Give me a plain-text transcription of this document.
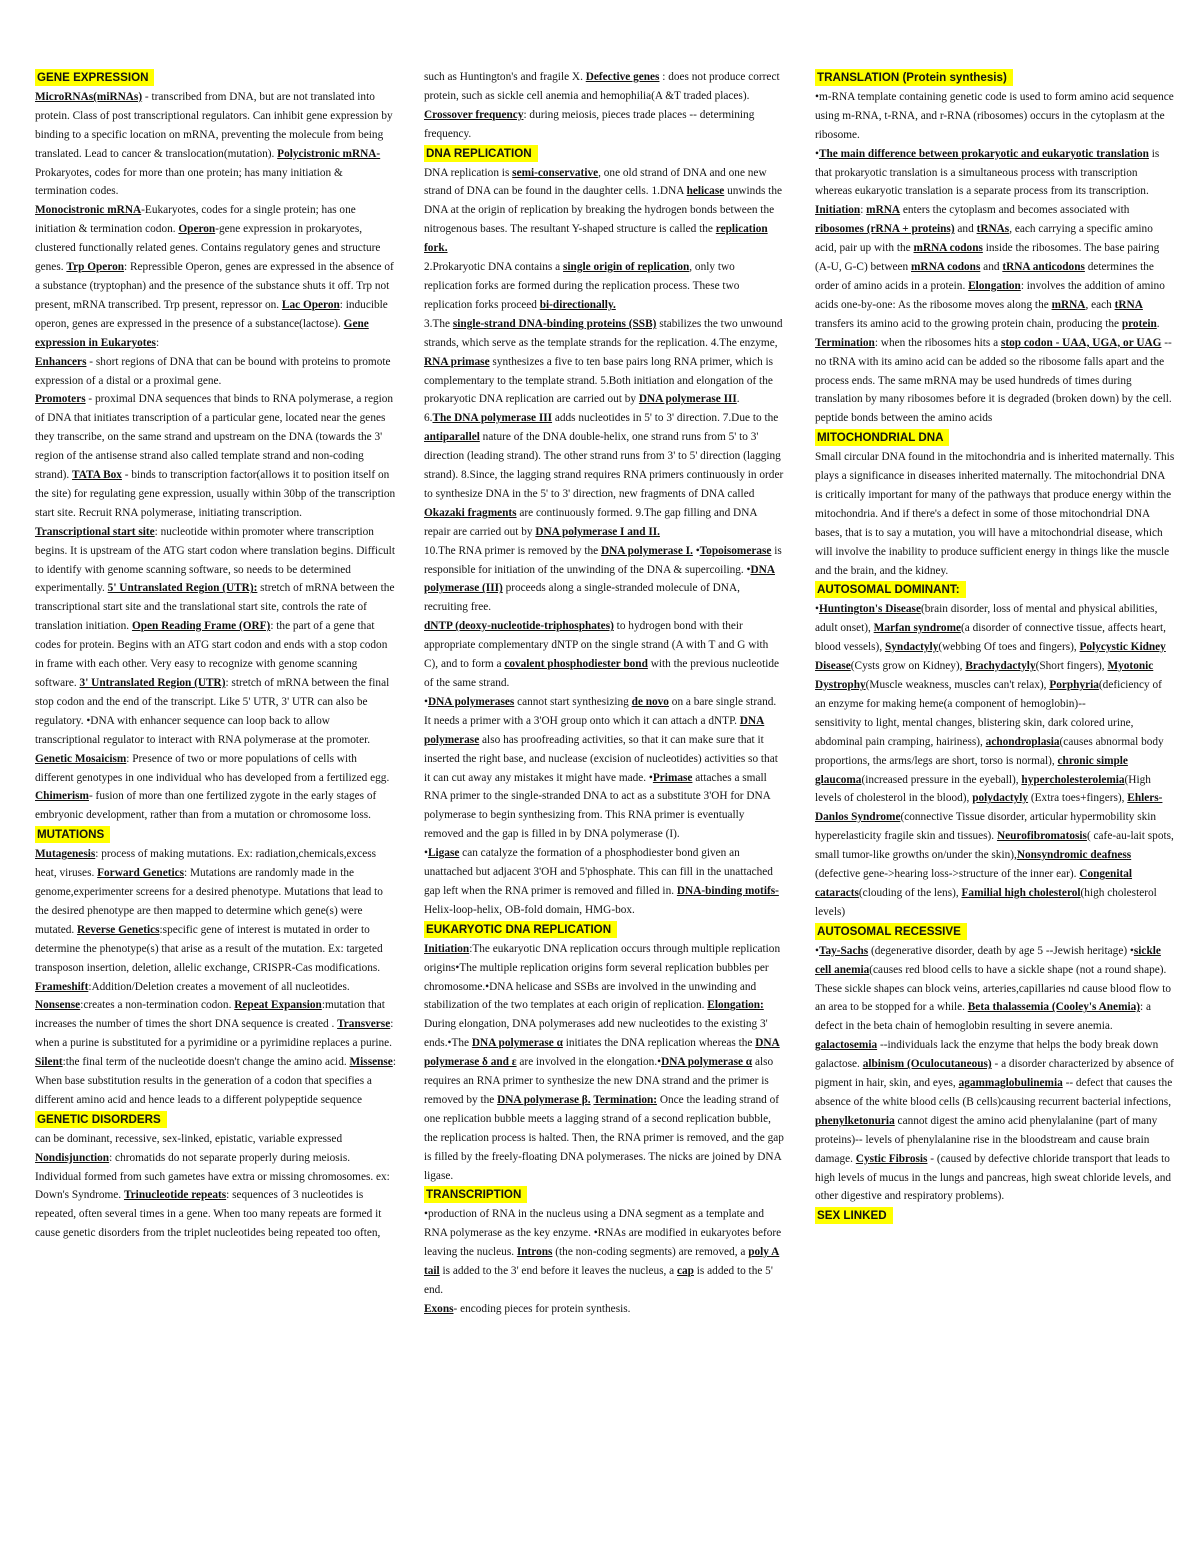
GENE EXPRESSION
MicroRNAs(miRNAs) - transcribed from DNA, but are not translated into protein. Class of post transcriptional regulators. Can inhibit gene expression by binding to a specific location on mRNA, preventing the molecule from being translated. Lead to cancer & translocation(mutation). Polycistronic mRNA- Prokaryotes, codes for more than one protein; has many initiation & termination codes.
Monocistronic mRNA-Eukaryotes, codes for a single protein; has one initiation & termination codon. Operon-gene expression in prokaryotes, clustered functionally related genes. Contains regulatory genes and structure genes. Trp Operon: Repressible Operon, genes are expressed in the absence of a substance (tryptophan) and the presence of the substance shuts it off. Trp not present, mRNA transcribed. Trp present, repressor on. Lac Operon: inducible operon, genes are expressed in the presence of a substance(lactose). Gene expression in Eukaryotes:
Enhancers - short regions of DNA that can be bound with proteins to promote expression of a distal or a proximal gene.
Promoters - proximal DNA sequences that binds to RNA polymerase, a region of DNA that initiates transcription of a particular gene, located near the genes they transcribe, on the same strand and upstream on the DNA (towards the 3' region of the antisense strand also called template strand and non-coding strand). TATA Box - binds to transcription factor(allows it to position itself on the site) for regulating gene expression, usually within 30bp of the transcription start site. Recruit RNA polymerase, initiating transcription.
Transcriptional start site: nucleotide within promoter where transcription begins. It is upstream of the ATG start codon where translation begins. Difficult to identify with genome scanning software, so needs to be determined experimentally. 5' Untranslated Region (UTR): stretch of mRNA between the transcriptional start site and the translational start site, controls the rate of translation initiation. Open Reading Frame (ORF): the part of a gene that codes for protein. Begins with an ATG start codon and ends with a stop codon in frame with each other. Very easy to recognize with genome scanning software. 3' Untranslated Region (UTR): stretch of mRNA between the final stop codon and the end of the transcript. Like 5' UTR, 3' UTR can also be regulatory. •DNA with enhancer sequence can loop back to allow transcriptional regulator to interact with RNA polymerase at the promoter. Genetic Mosaicism: Presence of two or more populations of cells with different genotypes in one individual who has developed from a fertilized egg. Chimerism- fusion of more than one fertilized zygote in the early stages of embryonic development, rather than from a mutation or chromosome loss.
MUTATIONS
Mutagenesis: process of making mutations. Ex: radiation,chemicals,excess heat, viruses. Forward Genetics: Mutations are randomly made in the genome,experimenter screens for a desired phenotype. Mutations that lead to the desired phenotype are then mapped to determine which gene(s) were mutated. Reverse Genetics:specific gene of interest is mutated in order to determine the phenotype(s) that arise as a result of the mutation. Ex: targeted transposon insertion, deletion, allelic exchange, CRISPR-Cas modifications.
Frameshift:Addition/Deletion creates a movement of all nucleotides. Nonsense:creates a non-termination codon. Repeat Expansion:mutation that increases the number of times the short DNA sequence is created . Transverse: when a purine is substituted for a pyrimidine or a pyrimidine replaces a purine. Silent:the final term of the nucleotide doesn't change the amino acid. Missense: When base substitution results in the generation of a codon that specifies a different amino acid and hence leads to a different polypeptide sequence
GENETIC DISORDERS
can be dominant, recessive, sex-linked, epistatic, variable expressed
Nondisjunction: chromatids do not separate properly during meiosis. Individual formed from such gametes have extra or missing chromosomes. ex: Down's Syndrome. Trinucleotide repeats: sequences of 3 nucleotides is repeated, often several times in a gene. When too many repeats are formed it cause genetic disorders from the triplet nucleotides being repeated too often,
such as Huntington's and fragile X. Defective genes : does not produce correct protein, such as sickle cell anemia and hemophilia(A &T traded places). Crossover frequency: during meiosis, pieces trade places -- determining frequency.
DNA REPLICATION
DNA replication is semi-conservative, one old strand of DNA and one new strand of DNA can be found in the daughter cells. 1.DNA helicase unwinds the DNA at the origin of replication by breaking the hydrogen bonds between the nitrogenous bases. The resultant Y-shaped structure is called the replication fork.
2.Prokaryotic DNA contains a single origin of replication, only two replication forks are formed during the replication process. These two replication forks proceed bi-directionally.
3.The single-strand DNA-binding proteins (SSB) stabilizes the two unwound strands, which serve as the template strands for the replication. 4.The enzyme, RNA primase synthesizes a five to ten base pairs long RNA primer, which is complementary to the template strand. 5.Both initiation and elongation of the prokaryotic DNA replication are carried out by DNA polymerase III.
6.The DNA polymerase III adds nucleotides in 5' to 3' direction. 7.Due to the antiparallel nature of the DNA double-helix, one strand runs from 5' to 3' direction (leading strand). The other strand runs from 3' to 5' direction (lagging strand). 8.Since, the lagging strand requires RNA primers continuously in order to synthesize DNA in the 5' to 3' direction, new fragments of DNA called Okazaki fragments are continuously formed. 9.The gap filling and DNA repair are carried out by DNA polymerase I and II.
10.The RNA primer is removed by the DNA polymerase I. •Topoisomerase is responsible for initiation of the unwinding of the DNA & supercoiling. •DNA polymerase (III) proceeds along a single-stranded molecule of DNA, recruiting free.
dNTP (deoxy-nucleotide-triphosphates) to hydrogen bond with their appropriate complementary dNTP on the single strand (A with T and G with C), and to form a covalent phosphodiester bond with the previous nucleotide of the same strand.
•DNA polymerases cannot start synthesizing de novo on a bare single strand. It needs a primer with a 3'OH group onto which it can attach a dNTP. DNA polymerase also has proofreading activities, so that it can make sure that it inserted the right base, and nuclease (excision of nucleotides) activities so that it can cut away any mistakes it might have made. •Primase attaches a small RNA primer to the single-stranded DNA to act as a substitute 3'OH for DNA polymerase to begin synthesizing from. This RNA primer is eventually removed and the gap is filled in by DNA polymerase (I).
•Ligase can catalyze the formation of a phosphodiester bond given an unattached but adjacent 3'OH and 5'phosphate. This can fill in the unattached gap left when the RNA primer is removed and filled in. DNA-binding motifs- Helix-loop-helix, OB-fold domain, HMG-box.
EUKARYOTIC DNA REPLICATION
Initiation:The eukaryotic DNA replication occurs through multiple replication origins•The multiple replication origins form several replication bubbles per chromosome.•DNA helicase and SSBs are involved in the unwinding and stabilization of the two templates at each origin of replication. Elongation: During elongation, DNA polymerases add new nucleotides to the existing 3' ends.•The DNA polymerase α initiates the DNA replication whereas the DNA polymerase δ and ε are involved in the elongation.•DNA polymerase α also requires an RNA primer to synthesize the new DNA strand and the primer is removed by the DNA polymerase β. Termination: Once the leading strand of one replication bubble meets a lagging strand of a second replication bubble, the replication process is halted. Then, the RNA primer is removed, and the gap is filled by the freely-floating DNA polymerases. The nicks are joined by DNA ligase.
TRANSCRIPTION
•production of RNA in the nucleus using a DNA segment as a template and RNA polymerase as the key enzyme. •RNAs are modified in eukaryotes before leaving the nucleus. Introns (the non-coding segments) are removed, a poly A tail is added to the 3' end before it leaves the nucleus, a cap is added to the 5' end.
Exons- encoding pieces for protein synthesis.
TRANSLATION (Protein synthesis)
•m-RNA template containing genetic code is used to form amino acid sequence using m-RNA, t-RNA, and r-RNA (ribosomes) occurs in the cytoplasm at the ribosome.
•The main difference between prokaryotic and eukaryotic translation is that prokaryotic translation is a simultaneous process with transcription whereas eukaryotic translation is a separate process from its transcription. Initiation: mRNA enters the cytoplasm and becomes associated with ribosomes (rRNA + proteins) and tRNAs, each carrying a specific amino acid, pair up with the mRNA codons inside the ribosomes. The base pairing (A-U, G-C) between mRNA codons and tRNA anticodons determines the order of amino acids in a protein. Elongation: involves the addition of amino acids one-by-one: As the ribosome moves along the mRNA, each tRNA transfers its amino acid to the growing protein chain, producing the protein. Termination: when the ribosomes hits a stop codon - UAA, UGA, or UAG -- no tRNA with its amino acid can be added so the ribosome falls apart and the process ends. The same mRNA may be used hundreds of times during translation by many ribosomes before it is degraded (broken down) by the cell. peptide bonds between the amino acids
MITOCHONDRIAL DNA
Small circular DNA found in the mitochondria and is inherited maternally. This plays a significance in diseases inherited maternally. The mitochondrial DNA is critically important for many of the pathways that produce energy within the mitochondria. And if there's a defect in some of those mitochondrial DNA bases, that is to say a mutation, you will have a mitochondrial disease, which will involve the inability to produce sufficient energy in things like the muscle and the brain, and the kidney.
AUTOSOMAL DOMINANT:
•Huntington's Disease(brain disorder, loss of mental and physical abilities, adult onset), Marfan syndrome(a disorder of connective tissue, affects heart, blood vessels), Syndactyly(webbing Of toes and fingers), Polycystic Kidney Disease(Cysts grow on Kidney), Brachydactyly(Short fingers), Myotonic Dystrophy(Muscle weakness, muscles can't relax), Porphyria(deficiency of an enzyme for making heme(a component of hemoglobin)--
sensitivity to light, mental changes, blistering skin, dark colored urine, abdominal pain cramping, hairiness), achondroplasia(causes abnormal body proportions, the arms/legs are short, torso is normal), chronic simple glaucoma(increased pressure in the eyeball), hypercholesterolemia(High levels of cholesterol in the blood), polydactyly (Extra toes+fingers), Ehlers-Danlos Syndrome(connective Tissue disorder, articular hypermobility skin hyperelasticity fragile skin and tissues). Neurofibromatosis( cafe-au-lait spots, small tumor-like growths on/under the skin),Nonsyndromic deafness (defective gene->hearing loss->structure of the inner ear). Congenital cataracts(clouding of the lens), Familial high cholesterol(high cholesterol levels)
AUTOSOMAL RECESSIVE
•Tay-Sachs (degenerative disorder, death by age 5 --Jewish heritage) •sickle cell anemia(causes red blood cells to have a sickle shape (not a round shape). These sickle shapes can block veins, arteries,capillaries nd cause blood flow to an area to be stopped for a while. Beta thalassemia (Cooley's Anemia): a defect in the beta chain of hemoglobin resulting in severe anemia. galactosemia --individuals lack the enzyme that helps the body break down galactose. albinism (Oculocutaneous) - a disorder characterized by absence of pigment in hair, skin, and eyes, agammaglobulinemia -- defect that causes the absence of the white blood cells (B cells)causing recurrent bacterial infections, phenylketonuria cannot digest the amino acid phenylalanine (part of many proteins)-- levels of phenylalanine rise in the bloodstream and cause brain damage. Cystic Fibrosis - (caused by defective chloride transport that leads to high levels of mucus in the lungs and pancreas, high sweat chloride levels, and other digestive and respiratory problems).
SEX LINKED
